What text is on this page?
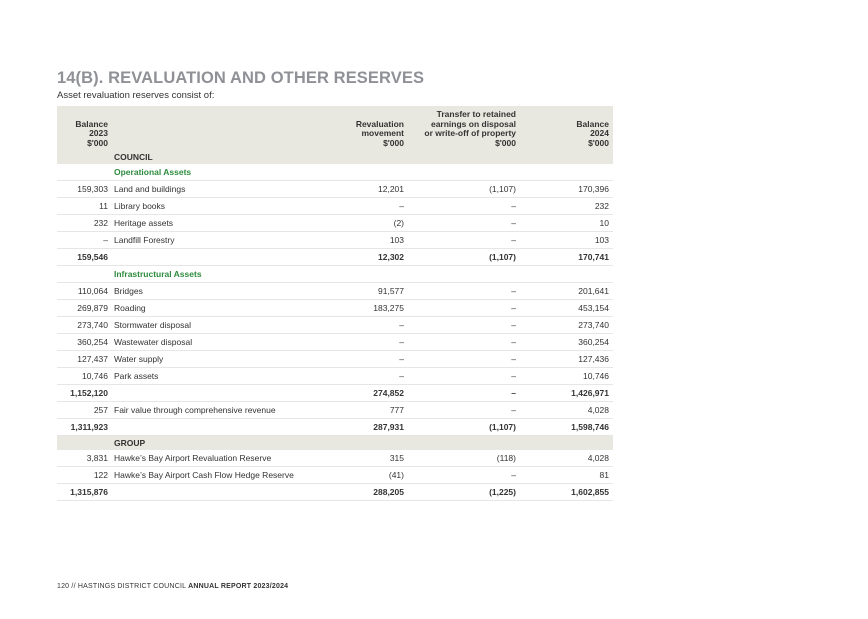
14(B). REVALUATION AND OTHER RESERVES
Asset revaluation reserves consist of:
Balance
2023
$'000		Revaluation
movement
$'000	Transfer to retained
earnings on disposal
or write-off of property
$'000	Balance
2024
$'000
	COUNCIL			
	Operational Assets			
159,303	Land and buildings	12,201	(1,107)	170,396
11	Library books	–	–	232
232	Heritage assets	(2)	–	10
–	Landfill Forestry	103	–	103
159,546		12,302	(1,107)	170,741
	Infrastructural Assets			
110,064	Bridges	91,577	–	201,641
269,879	Roading	183,275	–	453,154
273,740	Stormwater disposal	–	–	273,740
360,254	Wastewater disposal	–	–	360,254
127,437	Water supply	–	–	127,436
10,746	Park assets	–	–	10,746
1,152,120		274,852	–	1,426,971
257	Fair value through comprehensive revenue	777	–	4,028
1,311,923		287,931	(1,107)	1,598,746
	GROUP			
3,831	Hawke’s Bay Airport Revaluation Reserve	315	(118)	4,028
122	Hawke’s Bay Airport Cash Flow Hedge Reserve	(41)	–	81
1,315,876		288,205	(1,225)	1,602,855
120 // HASTINGS DISTRICT COUNCIL ANNUAL REPORT 2023/2024
